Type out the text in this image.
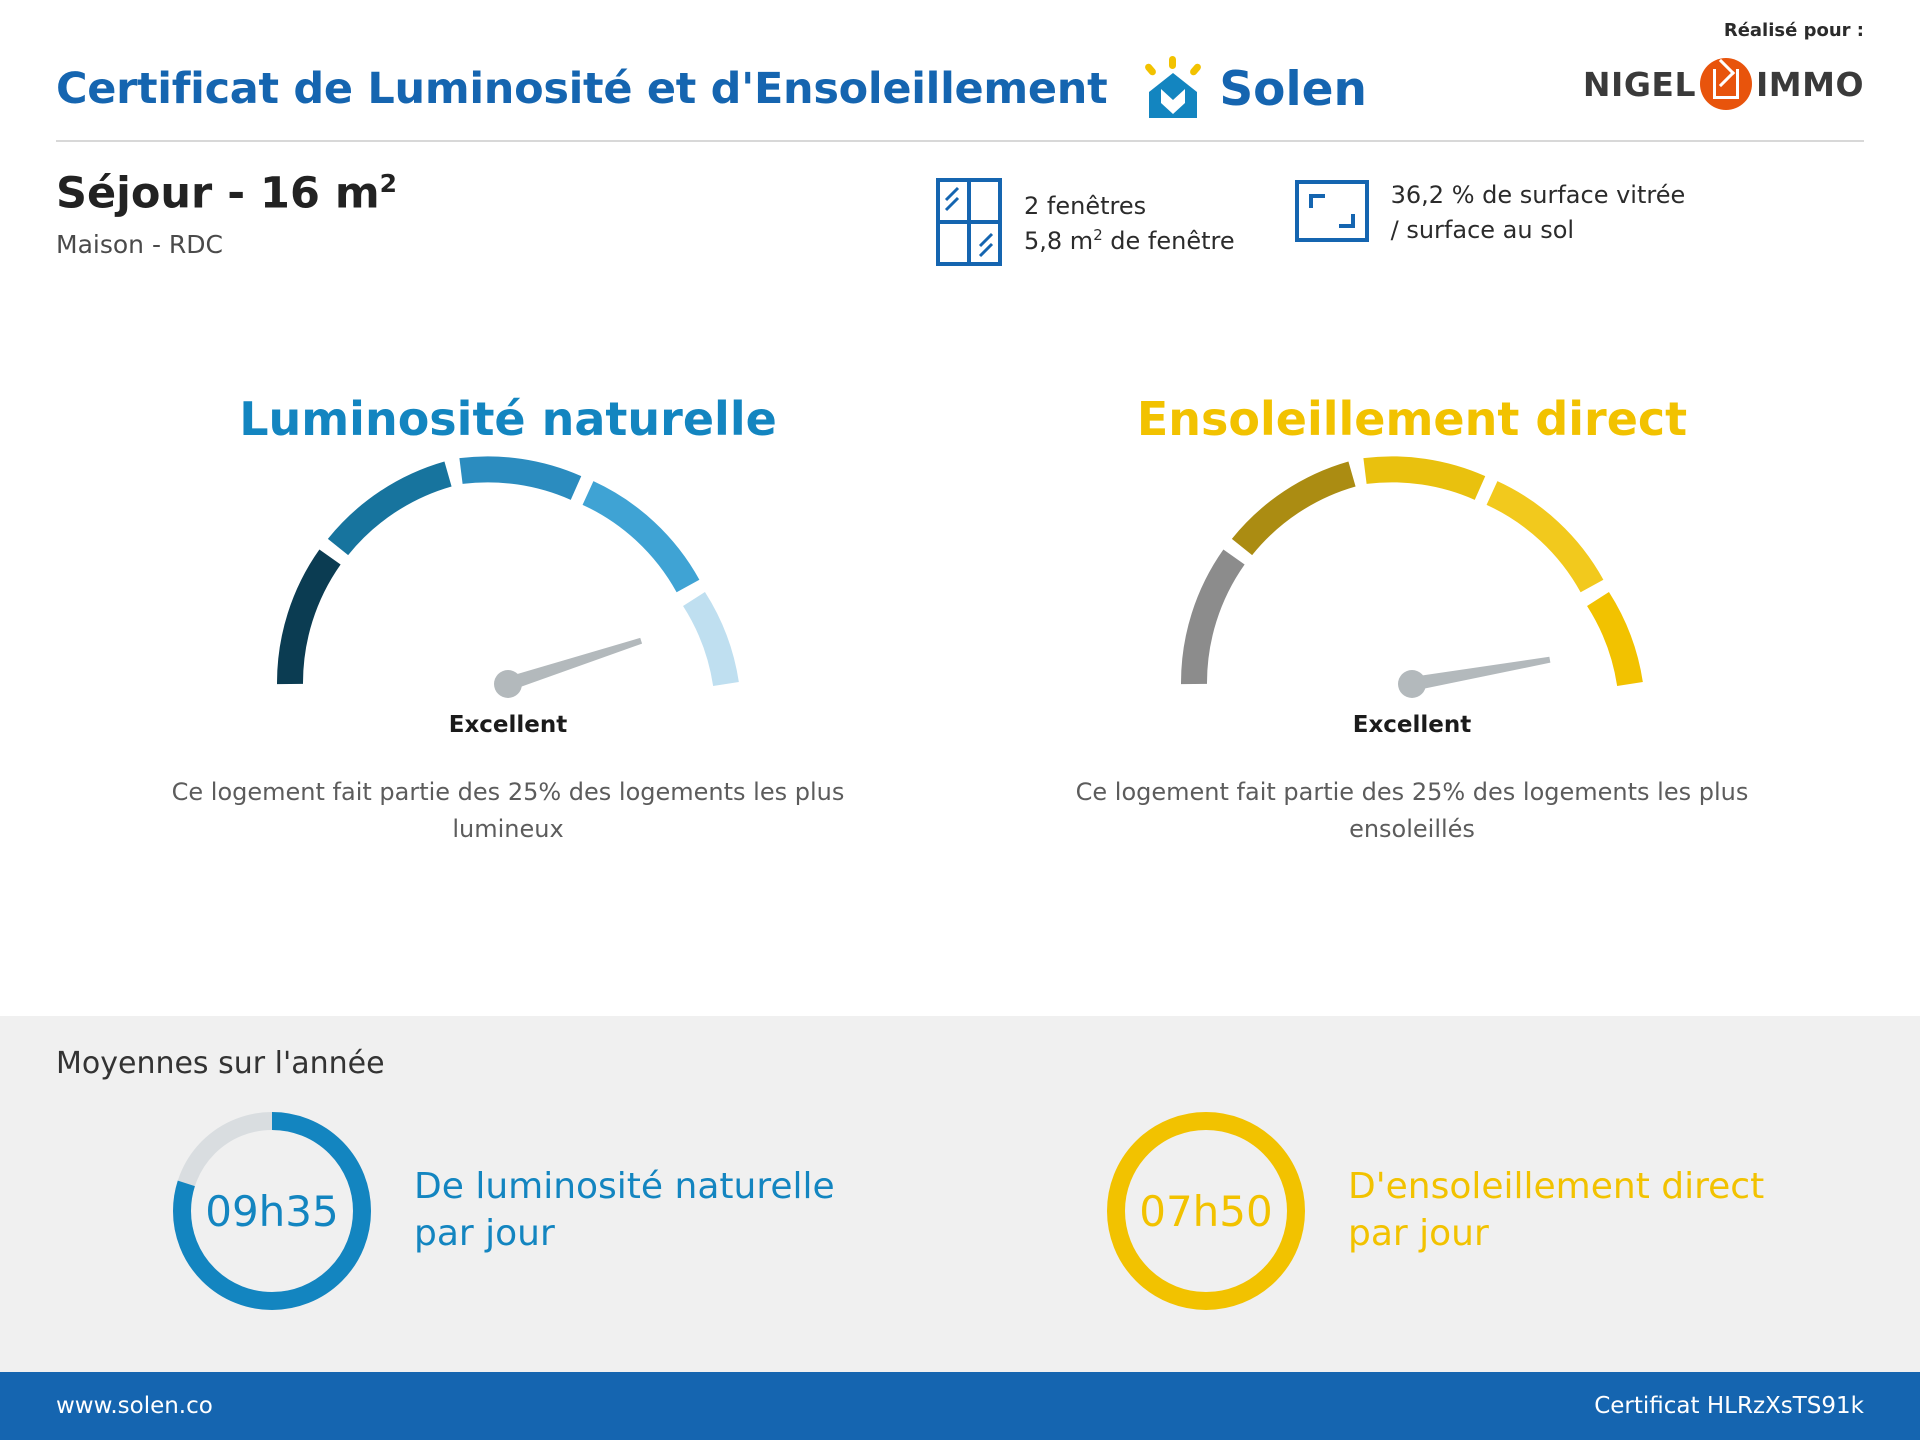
Réalisé pour :
Certificat de Luminosité et d'Ensoleillement Solen	NIGEL IMMO
Séjour - 16 $m^2$
Maison - RDC
2 fenêtres
5,8 $m^2$ de fenêtre
36,2 % de surface vitrée
/ surface au sol
Luminosité naturelle
Excellent
Ce logement fait partie des 25% des logements les plus lumineux
Ensoleillement direct
Excellent
Ce logement fait partie des 25% des logements les plus ensoleillés
Moyennes sur l'année
09h35	De luminosité naturelle
par jour	07h50	D'ensoleillement direct
par jour
www.solen.co	Certificat HLRzXsTS91k
